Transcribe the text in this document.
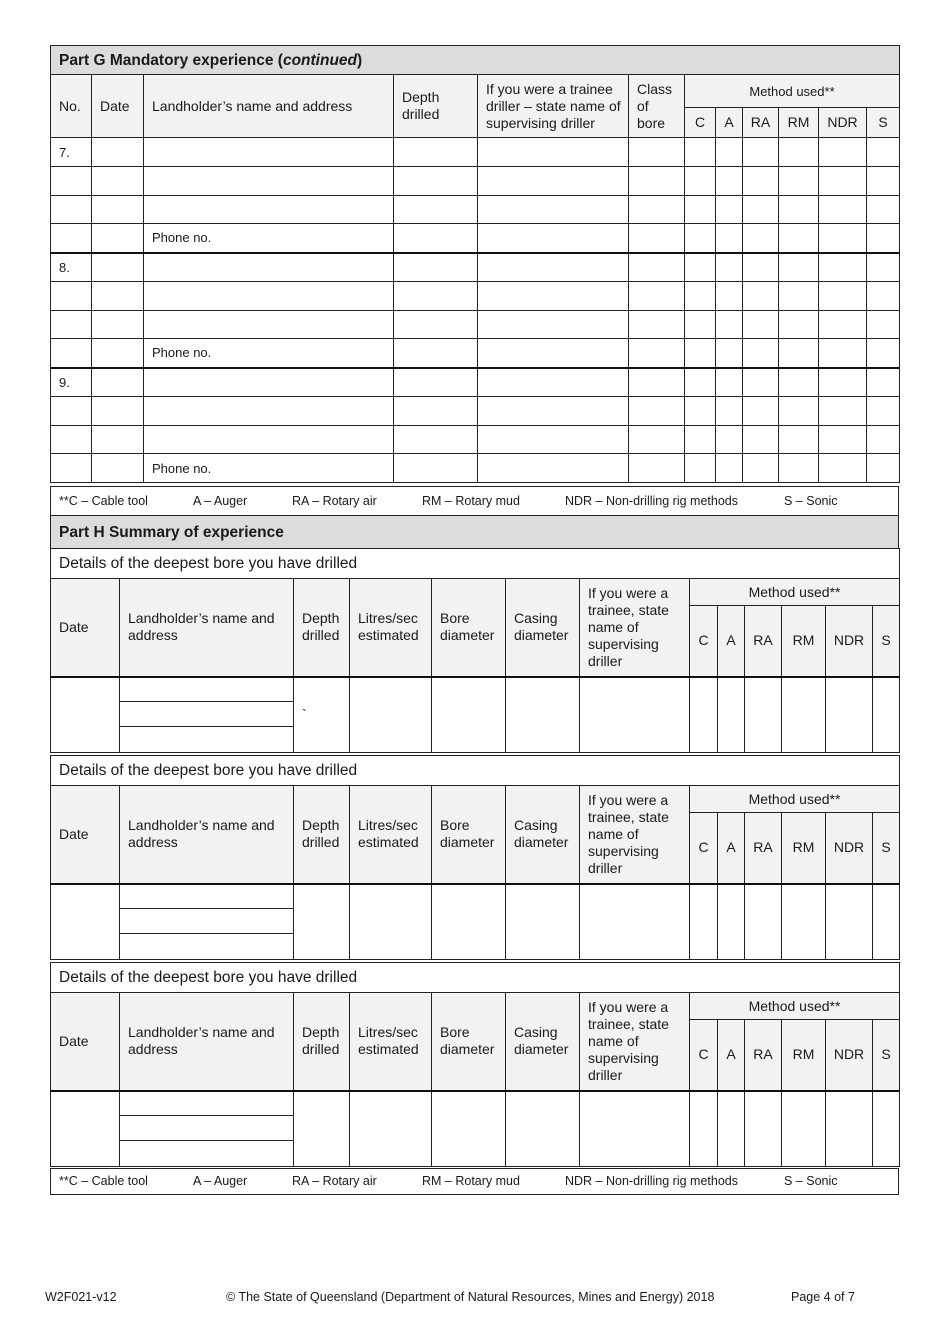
Part G Mandatory experience (continued)											
No.	Date	Landholder’s name and address	Depth drilled	If you were a trainee driller – state name of supervising driller	Class of bore	Method used**					
						C	A	RA	RM	NDR	S
7.											

		Phone no.									
8.											

		Phone no.									
9.											

		Phone no.									
**C – Cable tool	A – Auger	RA – Rotary air	RM – Rotary mud	NDR – Non-drilling rig methods	S – Sonic
Part H Summary of experience
Details of the deepest bore you have drilled												
Date	Landholder’s name and address	Depth drilled	Litres/sec estimated	Bore diameter	Casing diameter	If you were a trainee, state name of supervising driller	Method used**					
							C	A	RA	RM	NDR	S
		`										

Details of the deepest bore you have drilled												
Date	Landholder’s name and address	Depth drilled	Litres/sec estimated	Bore diameter	Casing diameter	If you were a trainee, state name of supervising driller	Method used**					
							C	A	RA	RM	NDR	S

Details of the deepest bore you have drilled												
Date	Landholder’s name and address	Depth drilled	Litres/sec estimated	Bore diameter	Casing diameter	If you were a trainee, state name of supervising driller	Method used**					
							C	A	RA	RM	NDR	S

**C – Cable tool	A – Auger	RA – Rotary air	RM – Rotary mud	NDR – Non-drilling rig methods	S – Sonic
W2F021-v12	© The State of Queensland (Department of Natural Resources, Mines and Energy) 2018	Page 4 of 7
